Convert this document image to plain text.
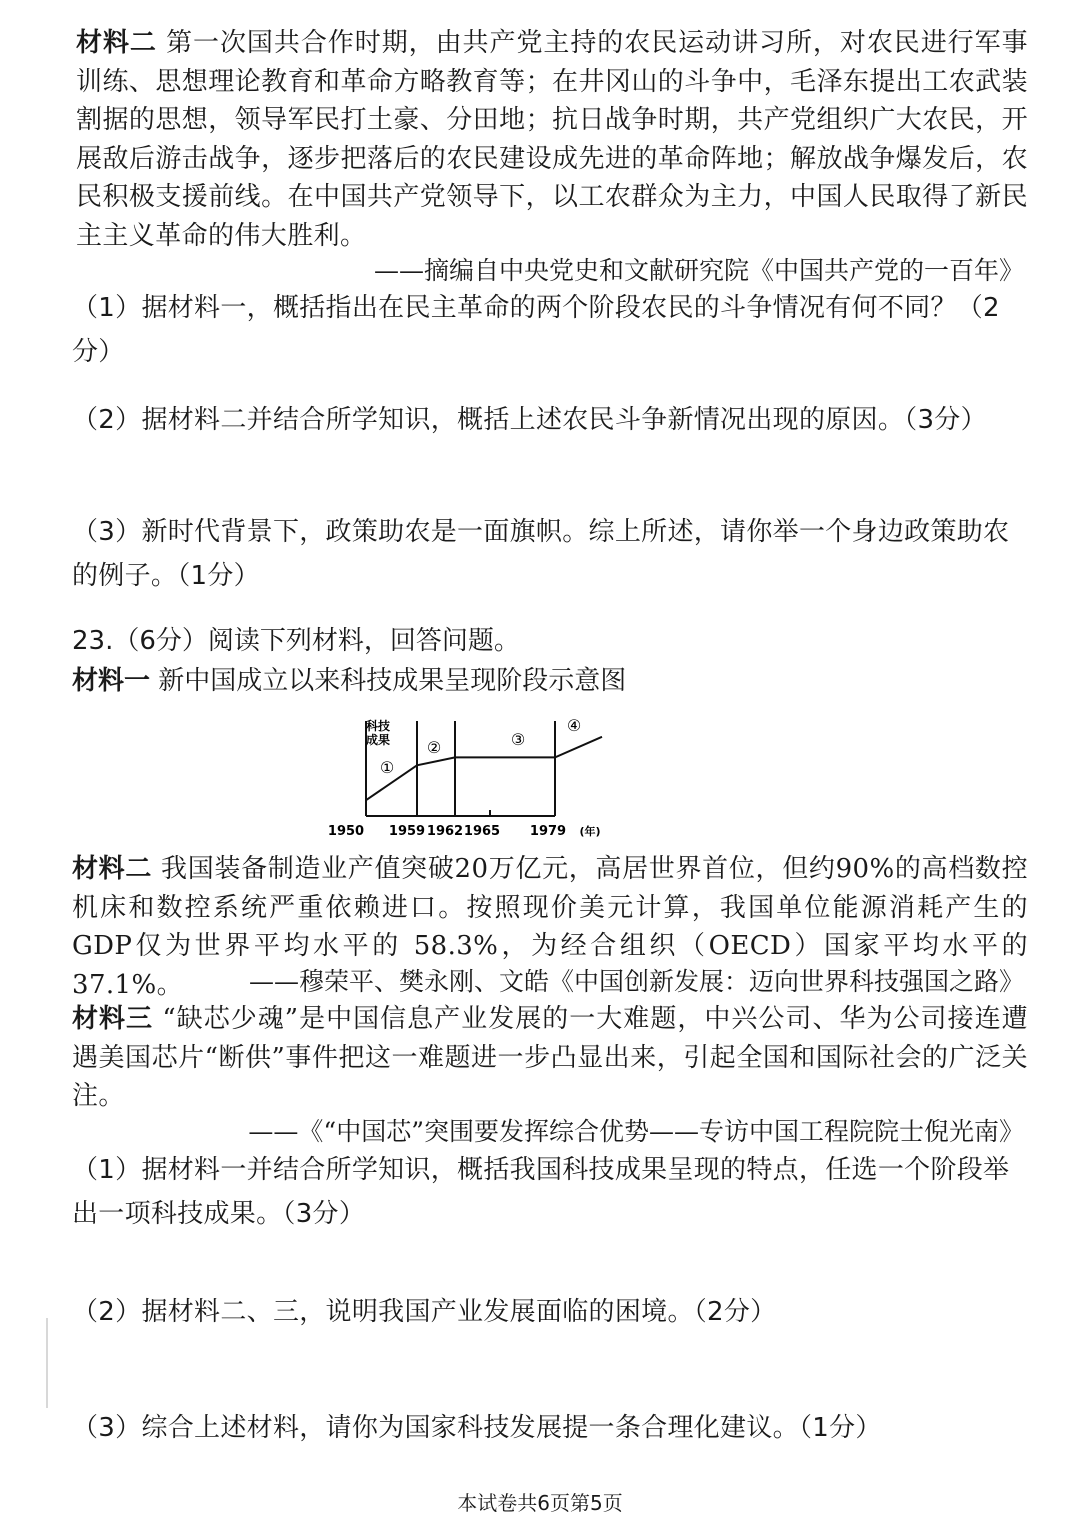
材料二 第一次国共合作时期，由共产党主持的农民运动讲习所，对农民进行军事训练、思想理论教育和革命方略教育等；在井冈山的斗争中，毛泽东提出工农武装割据的思想，领导军民打土豪、分田地；抗日战争时期，共产党组织广大农民，开展敌后游击战争，逐步把落后的农民建设成先进的革命阵地；解放战争爆发后，农民积极支援前线。在中国共产党领导下，以工农群众为主力，中国人民取得了新民主主义革命的伟大胜利。
——摘编自中央党史和文献研究院《中国共产党的一百年》
（1）据材料一，概括指出在民主革命的两个阶段农民的斗争情况有何不同？（2分）
（2）据材料二并结合所学知识，概括上述农民斗争新情况出现的原因。（3分）
（3）新时代背景下，政策助农是一面旗帜。综上所述，请你举一个身边政策助农的例子。（1分）
23.（6分）阅读下列材料，回答问题。
材料一 新中国成立以来科技成果呈现阶段示意图
科技
成果
①
②	③
④
1950 1959 1962 1965 1979 (年)
材料二 我国装备制造业产值突破20万亿元，高居世界首位，但约90%的高档数控机床和数控系统严重依赖进口。按照现价美元计算，我国单位能源消耗产生的GDP仅为世界平均水平的 58.3%，为经合组织（OECD）国家平均水平的 37.1%。	——穆荣平、樊永刚、文皓《中国创新发展：迈向世界科技强国之路》
材料三 “缺芯少魂”是中国信息产业发展的一大难题，中兴公司、华为公司接连遭遇美国芯片“断供”事件把这一难题进一步凸显出来，引起全国和国际社会的广泛关注。
——《“中国芯”突围要发挥综合优势——专访中国工程院院士倪光南》
（1）据材料一并结合所学知识，概括我国科技成果呈现的特点，任选一个阶段举出一项科技成果。（3分）
（2）据材料二、三，说明我国产业发展面临的困境。（2分）
（3）综合上述材料，请你为国家科技发展提一条合理化建议。（1分）
本试卷共6页第5页
